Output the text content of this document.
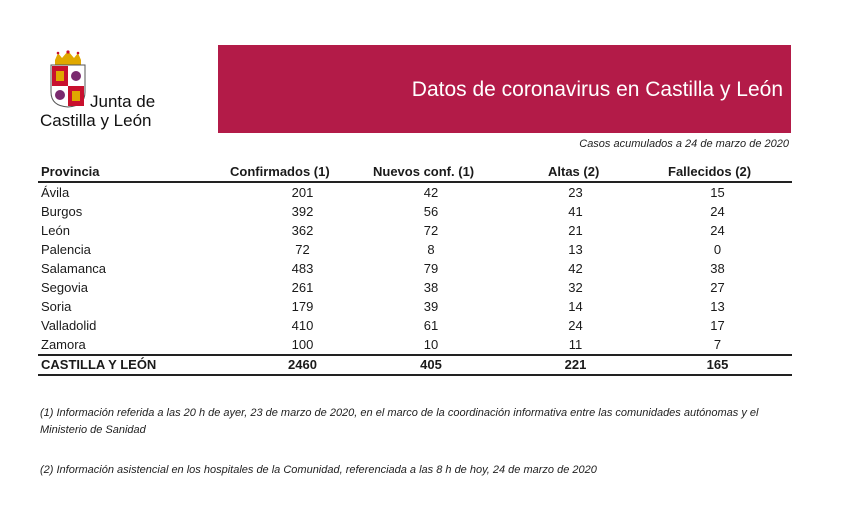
Junta de
Castilla y León
Datos de coronavirus en Castilla y León
Casos acumulados a 24 de marzo de 2020
Provincia	Confirmados (1)	Nuevos conf. (1)	Altas (2)	Fallecidos (2)
Ávila	201	42	23	15
Burgos	392	56	41	24
León	362	72	21	24
Palencia	72	8	13	0
Salamanca	483	79	42	38
Segovia	261	38	32	27
Soria	179	39	14	13
Valladolid	410	61	24	17
Zamora	100	10	11	7
CASTILLA Y LEÓN	2460	405	221	165
(1) Información referida a las 20 h de ayer, 23 de marzo de 2020, en el marco de la coordinación informativa entre las comunidades autónomas y el Ministerio de Sanidad
(2) Información asistencial en los hospitales de la Comunidad, referenciada a las 8 h de hoy, 24 de marzo de 2020
